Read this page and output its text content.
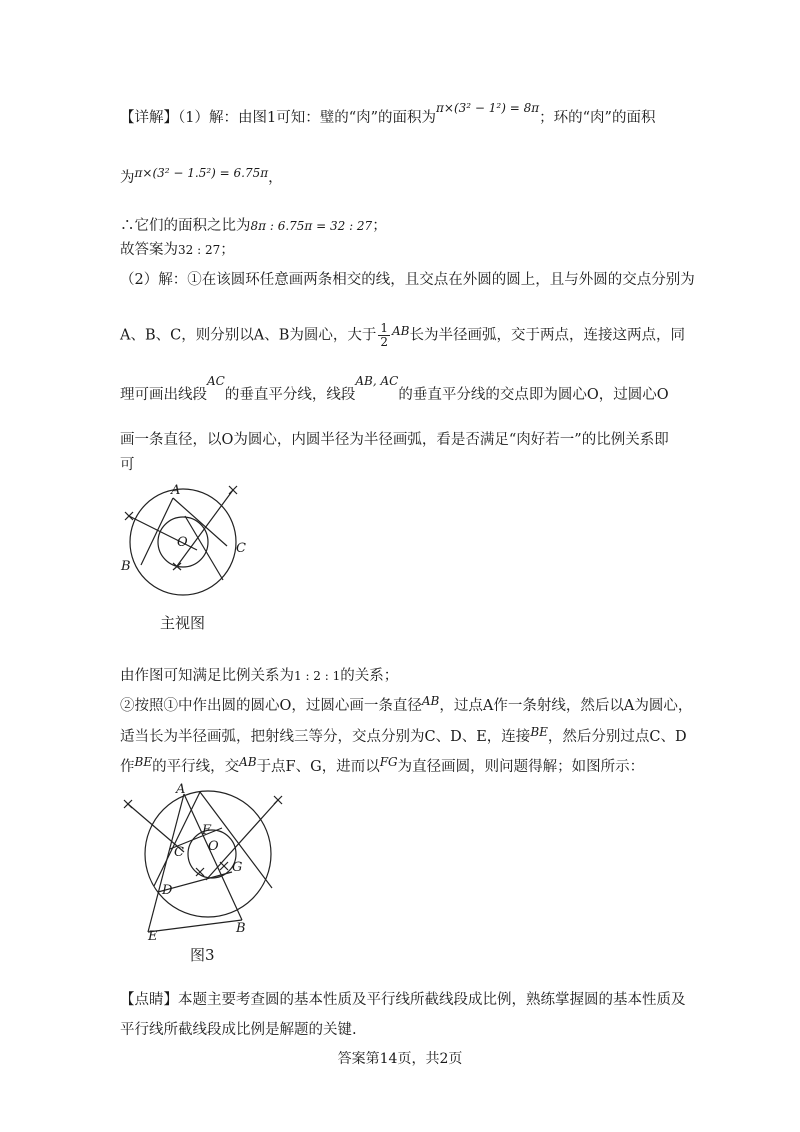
【详解】（1）解：由图1可知：璧的“肉”的面积为$^{\pi\times(3^2 - 1^2) = 8\pi}$；环的“肉”的面积
为$^{\pi\times(3^2 - 1.5^2) = 6.75\pi}$，
∴它们的面积之比为8π : 6.75π = 32 : 27；
故答案为32 : 27；
（2）解：①在该圆环任意画两条相交的线，且交点在外圆的圆上，且与外圆的交点分别为
A、B、C，则分别以A、B为圆心，大于 $\frac{1}{2} ^{AB}$长为半径画弧，交于两点，连接这两点，同
理可画出线段$^{AC}$的垂直平分线，线段$^{AB, AC}$的垂直平分线的交点即为圆心O，过圆心O
画一条直径，以O为圆心，内圆半径为半径画弧，看是否满足“肉好若一”的比例关系即
可
A
B
C
O
主视图
由作图可知满足比例关系为1 : 2 : 1的关系；
②按照①中作出圆的圆心O，过圆心画一条直径$^{AB}$，过点A作一条射线，然后以A为圆心，
适当长为半径画弧，把射线三等分，交点分别为C、D、E，连接$^{BE}$，然后分别过点C、D
作$^{BE}$的平行线，交$^{AB}$于点F、G，进而以$^{FG}$为直径画圆，则问题得解；如图所示：
A
F
C O
G
D
B
E
图3
【点睛】本题主要考查圆的基本性质及平行线所截线段成比例，熟练掌握圆的基本性质及
平行线所截线段成比例是解题的关键.
答案第14页，共2页
